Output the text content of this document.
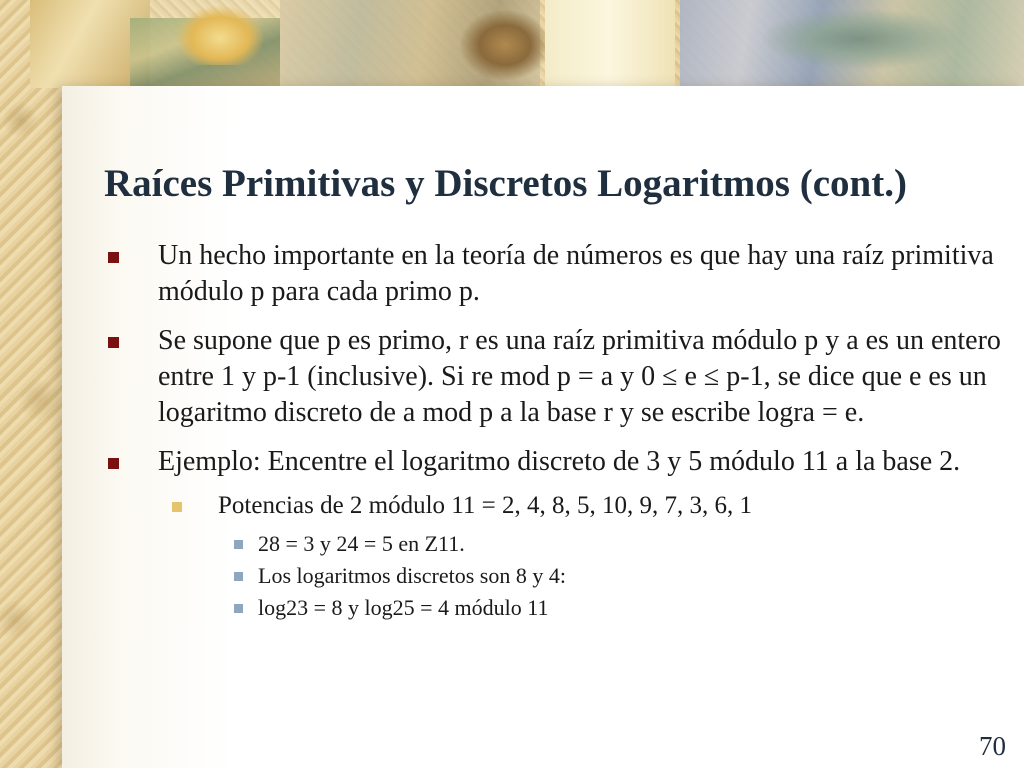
Raíces Primitivas y Discretos Logaritmos (cont.)
Un hecho importante en la teoría de números es que hay una raíz primitiva módulo p para cada primo p.
Se supone que p es primo, r es una raíz primitiva módulo p y a es un entero entre 1 y p-1 (inclusive). Si re mod p = a y 0 ≤ e ≤ p-1, se dice que e es un logaritmo discreto de a mod p a la base r y se escribe logra = e.
Ejemplo: Encentre el logaritmo discreto de 3 y 5 módulo 11 a la base 2.
Potencias de 2 módulo 11 = 2, 4, 8, 5, 10, 9, 7, 3, 6, 1
28 = 3 y 24 = 5 en Z11.
Los logaritmos discretos son 8 y 4:
log23 = 8 y log25 = 4 módulo 11
70
